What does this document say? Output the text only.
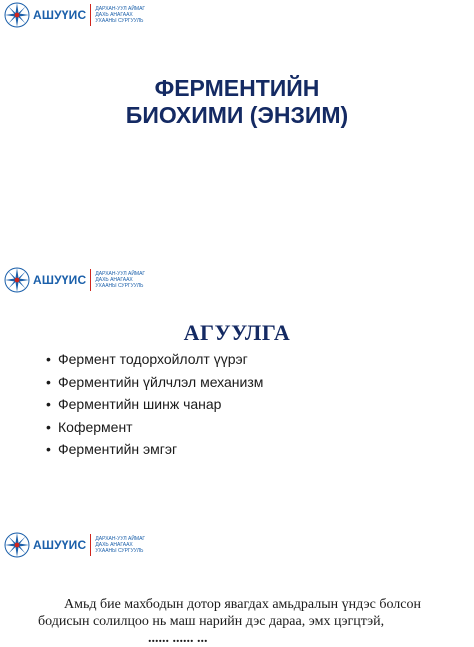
АШУҮИС ДАРХАН-УУЛ АЙМАГ
ДАХЬ АНАГААХ
УХААНЫ СУРГУУЛЬ
ФЕРМЕНТИЙН
БИОХИМИ (ЭНЗИМ)
АШУҮИС ДАРХАН-УУЛ АЙМАГ
ДАХЬ АНАГААХ
УХААНЫ СУРГУУЛЬ
АГУУЛГА
• Фермент тодорхойлолт үүрэг
• Ферментийн үйлчлэл механизм
• Ферментийн шинж чанар
• Кофермент
• Ферментийн эмгэг
АШУҮИС ДАРХАН-УУЛ АЙМАГ
ДАХЬ АНАГААХ
УХААНЫ СУРГУУЛЬ
Амьд бие махбодын дотор явагдах амьдралын үндэс болсон
бодисын солилцоо нь маш нарийн дэс дараа, эмх цэгцтэй,
...... ...... ...
